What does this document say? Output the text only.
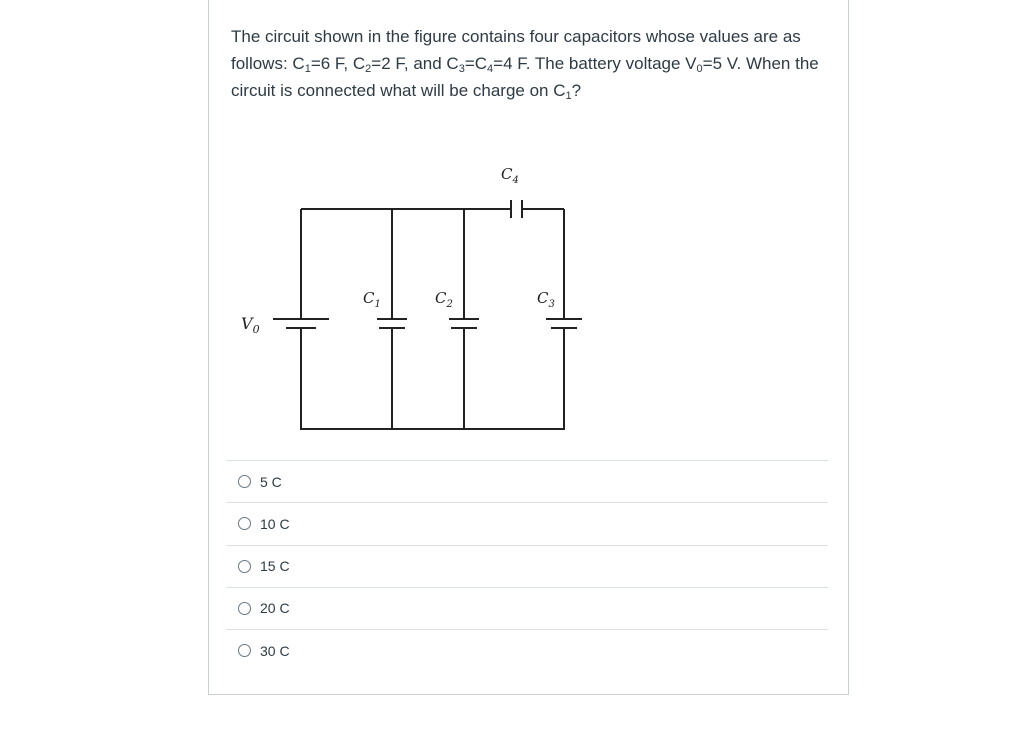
The circuit shown in the figure contains four capacitors whose values are as follows: $C_1=6$ F, $C_2=2$ F, and $C_3=C_4=4$ F. The battery voltage $V_0=5$ V. When the circuit is connected what will be charge on $C_1$?
$V_0$
$C_1$	$C_2$	$C_3$
$C_4$
5 C
10 C
15 C
20 C
30 C
